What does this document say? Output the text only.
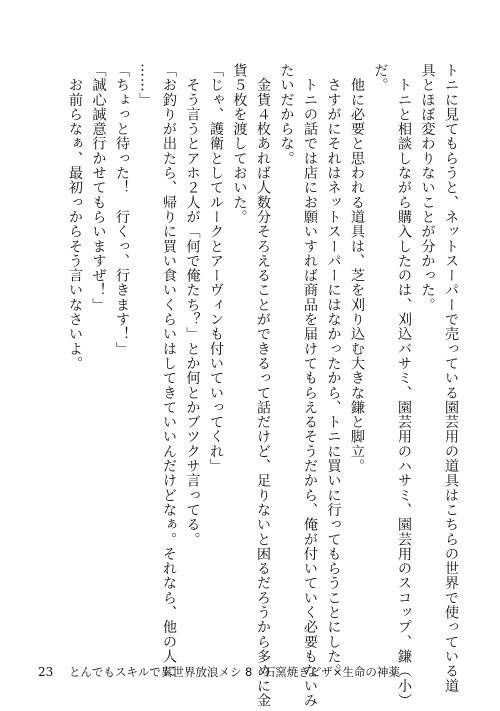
トニに見てもらうと、ネットスーパーで売っている園芸用の道具はこちらの世界で使っている道
具とほぼ変わりないことが分かった。
　トニと相談しながら購入したのは、刈込バサミ、園芸用のハサミ、園芸用のスコップ、鎌（小）
だ。
　他に必要と思われる道具は、芝を刈り込む大きな鎌と脚立。
　さすがにそれはネットスーパーにはなかったから、トニに買いに行ってもらうことにした。
　トニの話では店にお願いすれば商品を届けてもらえるそうだから、俺が付いていく必要もないみ
たいだからな。
　金貨４枚あれば人数分そろえることができるって話だけど、足りないと困るだろうから多めに金
貨５枚を渡しておいた。
「じゃ、護衛としてルークとアーヴィンも付いていってくれ」
　そう言うとアホ２人が「何で俺たち？」とか何とかブツクサ言ってる。
「お釣りが出たら、帰りに買い食いくらいはしてきていいんだけどなぁ。それなら、他の人に
……」
「ちょっと待った！　行くっ、行きます！」
「誠心誠意行かせてもらいますぜ！」
　お前らなぁ、最初っからそう言いなさいよ。
23 とんでもスキルで異世界放浪メシ 8　石窯焼きピザ×生命の神薬
